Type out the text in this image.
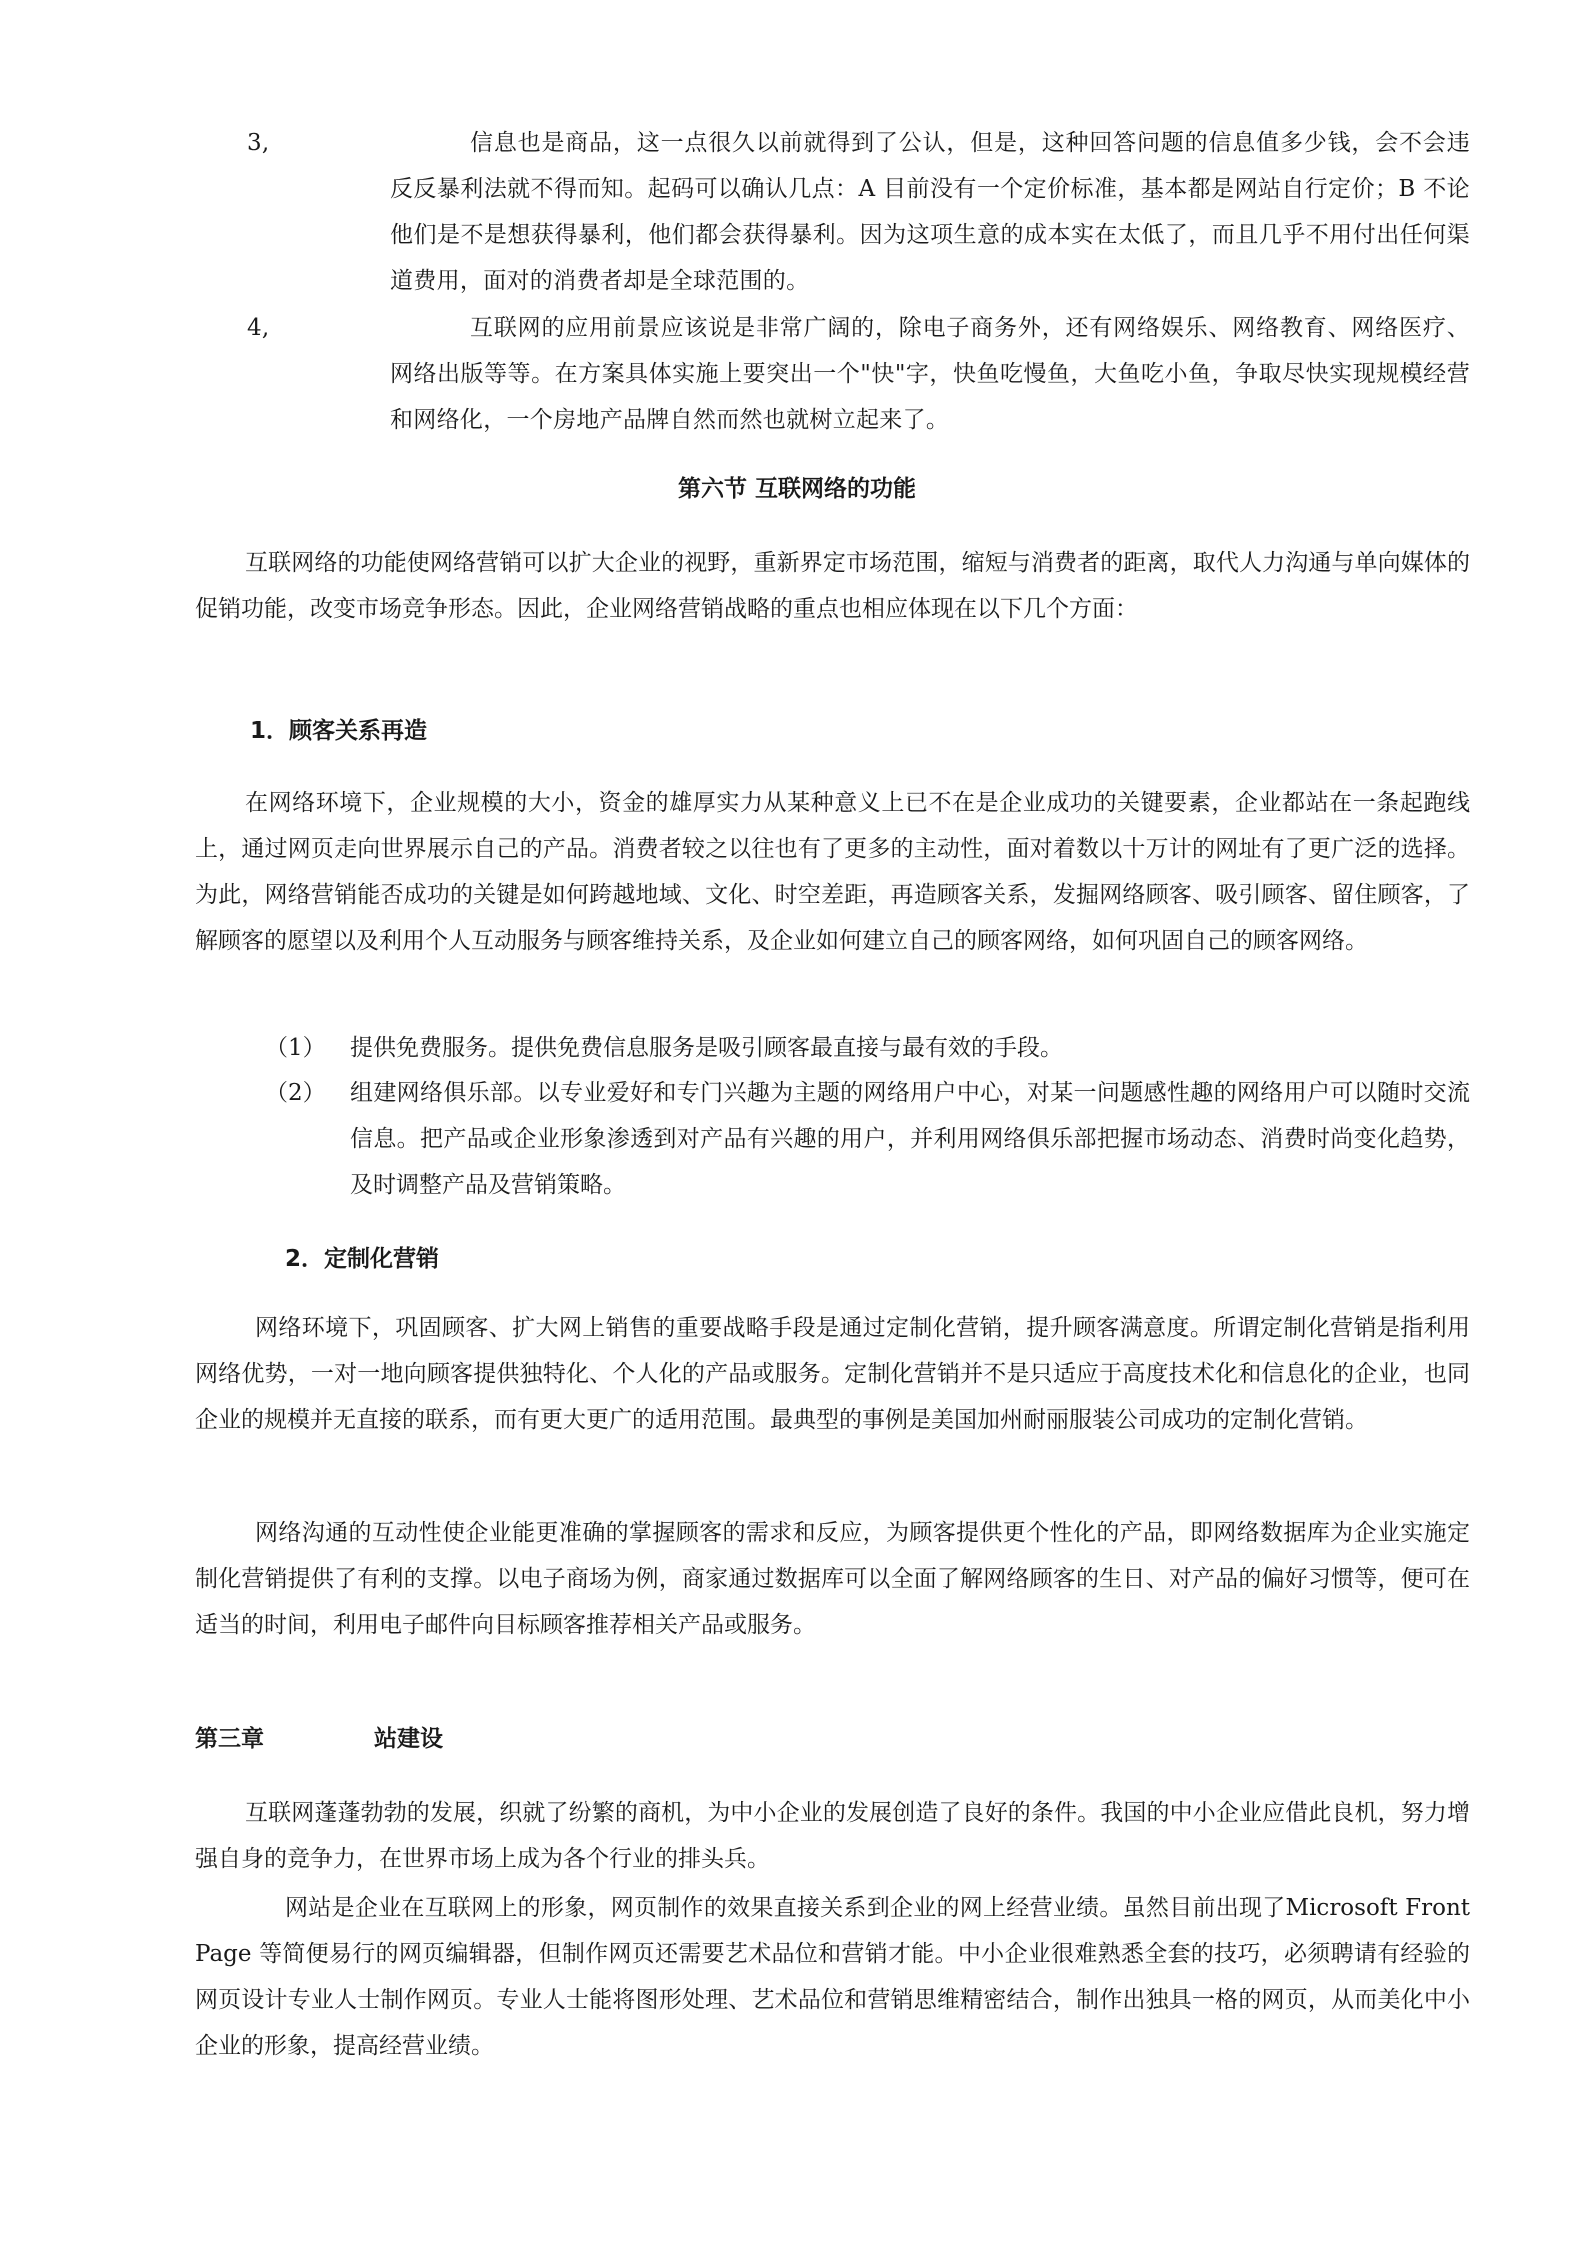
3,	信息也是商品，这一点很久以前就得到了公认，但是，这种回答问题的信息值多少钱，会不会违反反暴利法就不得而知。起码可以确认几点：A 目前没有一个定价标准，基本都是网站自行定价；B 不论他们是不是想获得暴利，他们都会获得暴利。因为这项生意的成本实在太低了，而且几乎不用付出任何渠道费用，面对的消费者却是全球范围的。
4,	互联网的应用前景应该说是非常广阔的，除电子商务外，还有网络娱乐、网络教育、网络医疗、网络出版等等。在方案具体实施上要突出一个"快"字，快鱼吃慢鱼，大鱼吃小鱼，争取尽快实现规模经营和网络化，一个房地产品牌自然而然也就树立起来了。
第六节 互联网络的功能
互联网络的功能使网络营销可以扩大企业的视野，重新界定市场范围，缩短与消费者的距离，取代人力沟通与单向媒体的促销功能，改变市场竞争形态。因此，企业网络营销战略的重点也相应体现在以下几个方面：
1．顾客关系再造
在网络环境下，企业规模的大小，资金的雄厚实力从某种意义上已不在是企业成功的关键要素，企业都站在一条起跑线上，通过网页走向世界展示自己的产品。消费者较之以往也有了更多的主动性，面对着数以十万计的网址有了更广泛的选择。为此，网络营销能否成功的关键是如何跨越地域、文化、时空差距，再造顾客关系，发掘网络顾客、吸引顾客、留住顾客，了解顾客的愿望以及利用个人互动服务与顾客维持关系，及企业如何建立自己的顾客网络，如何巩固自己的顾客网络。
（1） 提供免费服务。提供免费信息服务是吸引顾客最直接与最有效的手段。
（2） 组建网络俱乐部。以专业爱好和专门兴趣为主题的网络用户中心，对某一问题感性趣的网络用户可以随时交流信息。把产品或企业形象渗透到对产品有兴趣的用户，并利用网络俱乐部把握市场动态、消费时尚变化趋势，及时调整产品及营销策略。
2．定制化营销
网络环境下，巩固顾客、扩大网上销售的重要战略手段是通过定制化营销，提升顾客满意度。所谓定制化营销是指利用网络优势，一对一地向顾客提供独特化、个人化的产品或服务。定制化营销并不是只适应于高度技术化和信息化的企业，也同企业的规模并无直接的联系，而有更大更广的适用范围。最典型的事例是美国加州耐丽服装公司成功的定制化营销。
网络沟通的互动性使企业能更准确的掌握顾客的需求和反应，为顾客提供更个性化的产品，即网络数据库为企业实施定制化营销提供了有利的支撑。以电子商场为例，商家通过数据库可以全面了解网络顾客的生日、对产品的偏好习惯等，便可在适当的时间，利用电子邮件向目标顾客推荐相关产品或服务。
第三章	站建设
互联网蓬蓬勃勃的发展，织就了纷繁的商机，为中小企业的发展创造了良好的条件。我国的中小企业应借此良机，努力增强自身的竞争力，在世界市场上成为各个行业的排头兵。
网站是企业在互联网上的形象，网页制作的效果直接关系到企业的网上经营业绩。虽然目前出现了Microsoft Front Page 等简便易行的网页编辑器，但制作网页还需要艺术品位和营销才能。中小企业很难熟悉全套的技巧，必须聘请有经验的网页设计专业人士制作网页。专业人士能将图形处理、艺术品位和营销思维精密结合，制作出独具一格的网页，从而美化中小企业的形象，提高经营业绩。
